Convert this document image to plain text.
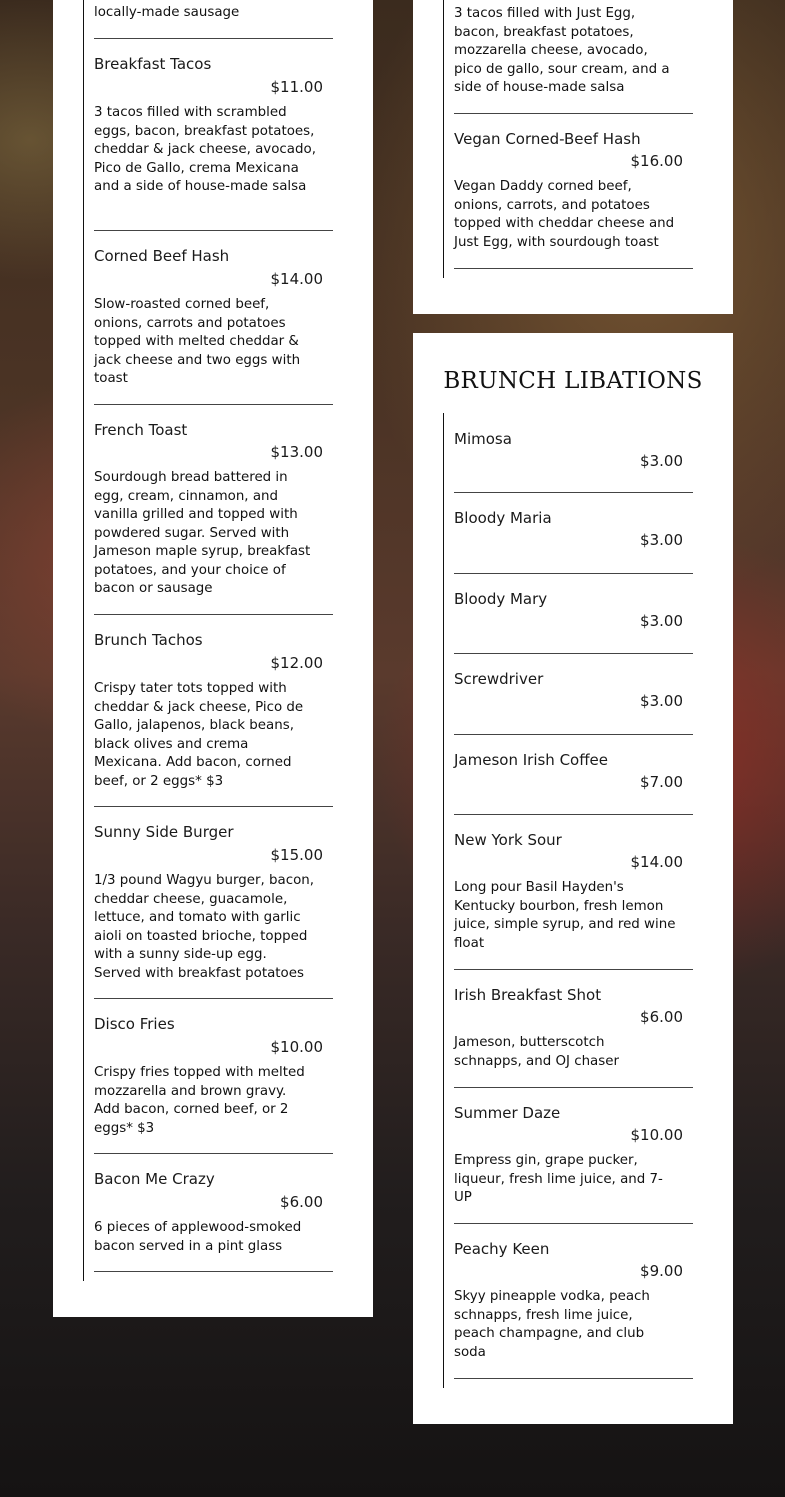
locally-made sausage
Breakfast Tacos
$11.00
3 tacos filled with scrambled eggs, bacon, breakfast potatoes, cheddar & jack cheese, avocado, Pico de Gallo, crema Mexicana and a side of house-made salsa
Corned Beef Hash
$14.00
Slow-roasted corned beef, onions, carrots and potatoes topped with melted cheddar & jack cheese and two eggs with toast
French Toast
$13.00
Sourdough bread battered in egg, cream, cinnamon, and vanilla grilled and topped with powdered sugar. Served with Jameson maple syrup, breakfast potatoes, and your choice of bacon or sausage
Brunch Tachos
$12.00
Crispy tater tots topped with cheddar & jack cheese, Pico de Gallo, jalapenos, black beans, black olives and crema Mexicana. Add bacon, corned beef, or 2 eggs* $3
Sunny Side Burger
$15.00
1/3 pound Wagyu burger, bacon, cheddar cheese, guacamole, lettuce, and tomato with garlic aioli on toasted brioche, topped with a sunny side-up egg. Served with breakfast potatoes
Disco Fries
$10.00
Crispy fries topped with melted mozzarella and brown gravy. Add bacon, corned beef, or 2 eggs* $3
Bacon Me Crazy
$6.00
6 pieces of applewood-smoked bacon served in a pint glass
3 tacos filled with Just Egg, bacon, breakfast potatoes, mozzarella cheese, avocado, pico de gallo, sour cream, and a side of house-made salsa
Vegan Corned-Beef Hash
$16.00
Vegan Daddy corned beef, onions, carrots, and potatoes topped with cheddar cheese and Just Egg, with sourdough toast
BRUNCH LIBATIONS
Mimosa
$3.00
Bloody Maria
$3.00
Bloody Mary
$3.00
Screwdriver
$3.00
Jameson Irish Coffee
$7.00
New York Sour
$14.00
Long pour Basil Hayden's Kentucky bourbon, fresh lemon juice, simple syrup, and red wine float
Irish Breakfast Shot
$6.00
Jameson, butterscotch schnapps, and OJ chaser
Summer Daze
$10.00
Empress gin, grape pucker, liqueur, fresh lime juice, and 7-UP
Peachy Keen
$9.00
Skyy pineapple vodka, peach schnapps, fresh lime juice, peach champagne, and club soda
